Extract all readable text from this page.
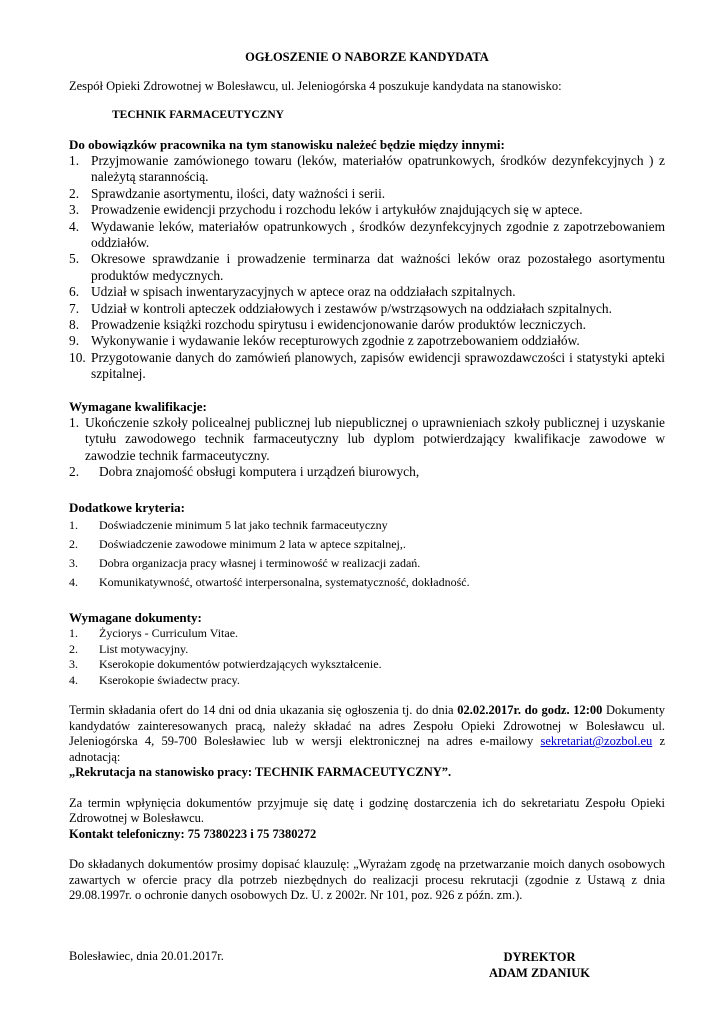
OGŁOSZENIE O NABORZE KANDYDATA

Zespół Opieki Zdrowotnej w Bolesławcu, ul. Jeleniogórska 4 poszukuje kandydata na stanowisko:

TECHNIK FARMACEUTYCZNY

Do obowiązków pracownika na tym stanowisku należeć będzie między innymi:

1. Przyjmowanie zamówionego towaru (leków, materiałów opatrunkowych, środków dezynfekcyjnych ) z należytą starannością.
2. Sprawdzanie asortymentu, ilości, daty ważności i serii.
3. Prowadzenie ewidencji przychodu i rozchodu leków i artykułów znajdujących się w aptece.
4. Wydawanie leków, materiałów opatrunkowych , środków dezynfekcyjnych zgodnie z zapotrzebowaniem oddziałów.
5. Okresowe sprawdzanie i prowadzenie terminarza dat ważności leków oraz pozostałego asortymentu produktów medycznych.
6. Udział w spisach inwentaryzacyjnych w aptece oraz na oddziałach szpitalnych.
7. Udział w kontroli apteczek oddziałowych i zestawów p/wstrząsowych na oddziałach szpitalnych.
8. Prowadzenie książki rozchodu spirytusu i ewidencjonowanie darów produktów leczniczych.
9. Wykonywanie i wydawanie leków recepturowych zgodnie z zapotrzebowaniem oddziałów.
10. Przygotowanie danych do zamówień planowych, zapisów ewidencji sprawozdawczości i statystyki apteki szpitalnej.

Wymagane kwalifikacje:

1. Ukończenie szkoły policealnej publicznej lub niepublicznej o uprawnieniach szkoły publicznej i uzyskanie tytułu zawodowego technik farmaceutyczny lub dyplom potwierdzający kwalifikacje zawodowe w zawodzie technik farmaceutyczny.
2.	Dobra znajomość obsługi komputera i urządzeń biurowych,

Dodatkowe kryteria:

1.	Doświadczenie minimum 5 lat jako technik farmaceutyczny
2.	Doświadczenie zawodowe minimum 2 lata w aptece szpitalnej,.
3.	Dobra organizacja pracy własnej i terminowość w realizacji zadań.
4.	Komunikatywność, otwartość interpersonalna, systematyczność, dokładność.

Wymagane dokumenty:

1.	Życiorys - Curriculum Vitae.
2.	List motywacyjny.
3.	Kserokopie dokumentów potwierdzających wykształcenie.
4.	Kserokopie świadectw pracy.

Termin składania ofert do 14 dni od dnia ukazania się ogłoszenia tj. do dnia 02.02.2017r. do godz. 12:00 Dokumenty kandydatów zainteresowanych pracą, należy składać na adres Zespołu Opieki Zdrowotnej w Bolesławcu ul. Jeleniogórska 4, 59-700 Bolesławiec lub w wersji elektronicznej na adres e-mailowy sekretariat@zozbol.eu z adnotacją:
„Rekrutacja na stanowisko pracy: TECHNIK FARMACEUTYCZNY”.

Za termin wpłynięcia dokumentów przyjmuje się datę i godzinę dostarczenia ich do sekretariatu Zespołu Opieki Zdrowotnej w Bolesławcu.
Kontakt telefoniczny: 75 7380223 i 75 7380272

Do składanych dokumentów prosimy dopisać klauzulę: „Wyrażam zgodę na przetwarzanie moich danych osobowych zawartych w ofercie pracy dla potrzeb niezbędnych do realizacji procesu rekrutacji (zgodnie z Ustawą z dnia 29.08.1997r. o ochronie danych osobowych Dz. U. z 2002r. Nr 101, poz. 926 z późn. zm.).

Bolesławiec, dnia 20.01.2017r.	DYREKTOR
ADAM ZDANIUK
